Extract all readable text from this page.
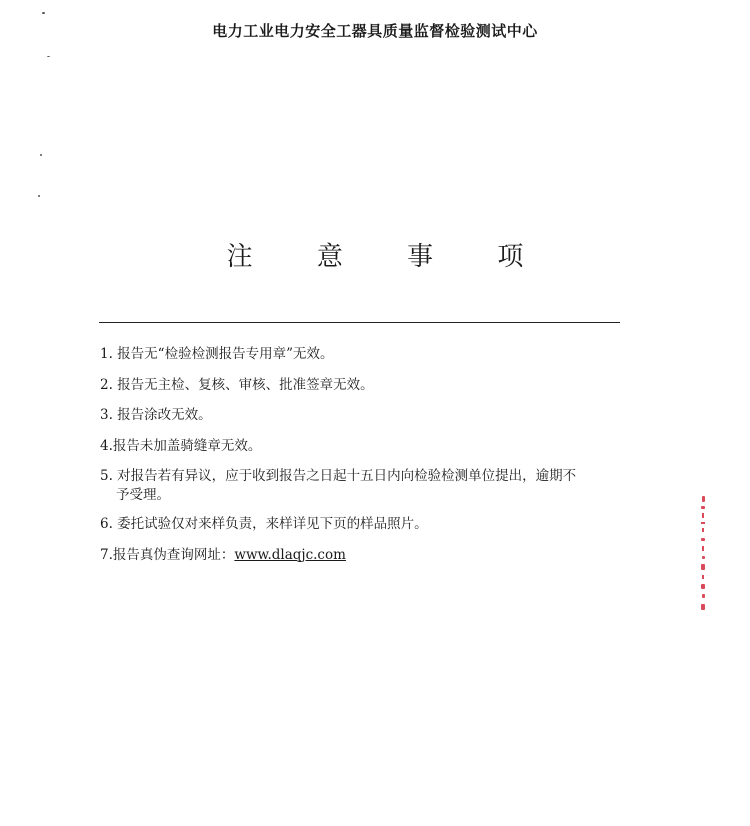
电力工业电力安全工器具质量监督检验测试中心
注 意 事 项
1. 报告无“检验检测报告专用章”无效。
2. 报告无主检、复核、审核、批准签章无效。
3. 报告涂改无效。
4.报告未加盖骑缝章无效。
5. 对报告若有异议，应于收到报告之日起十五日内向检验检测单位提出，逾期不予受理。
6. 委托试验仅对来样负责，来样详见下页的样品照片。
7.报告真伪查询网址：www.dlaqjc.com
